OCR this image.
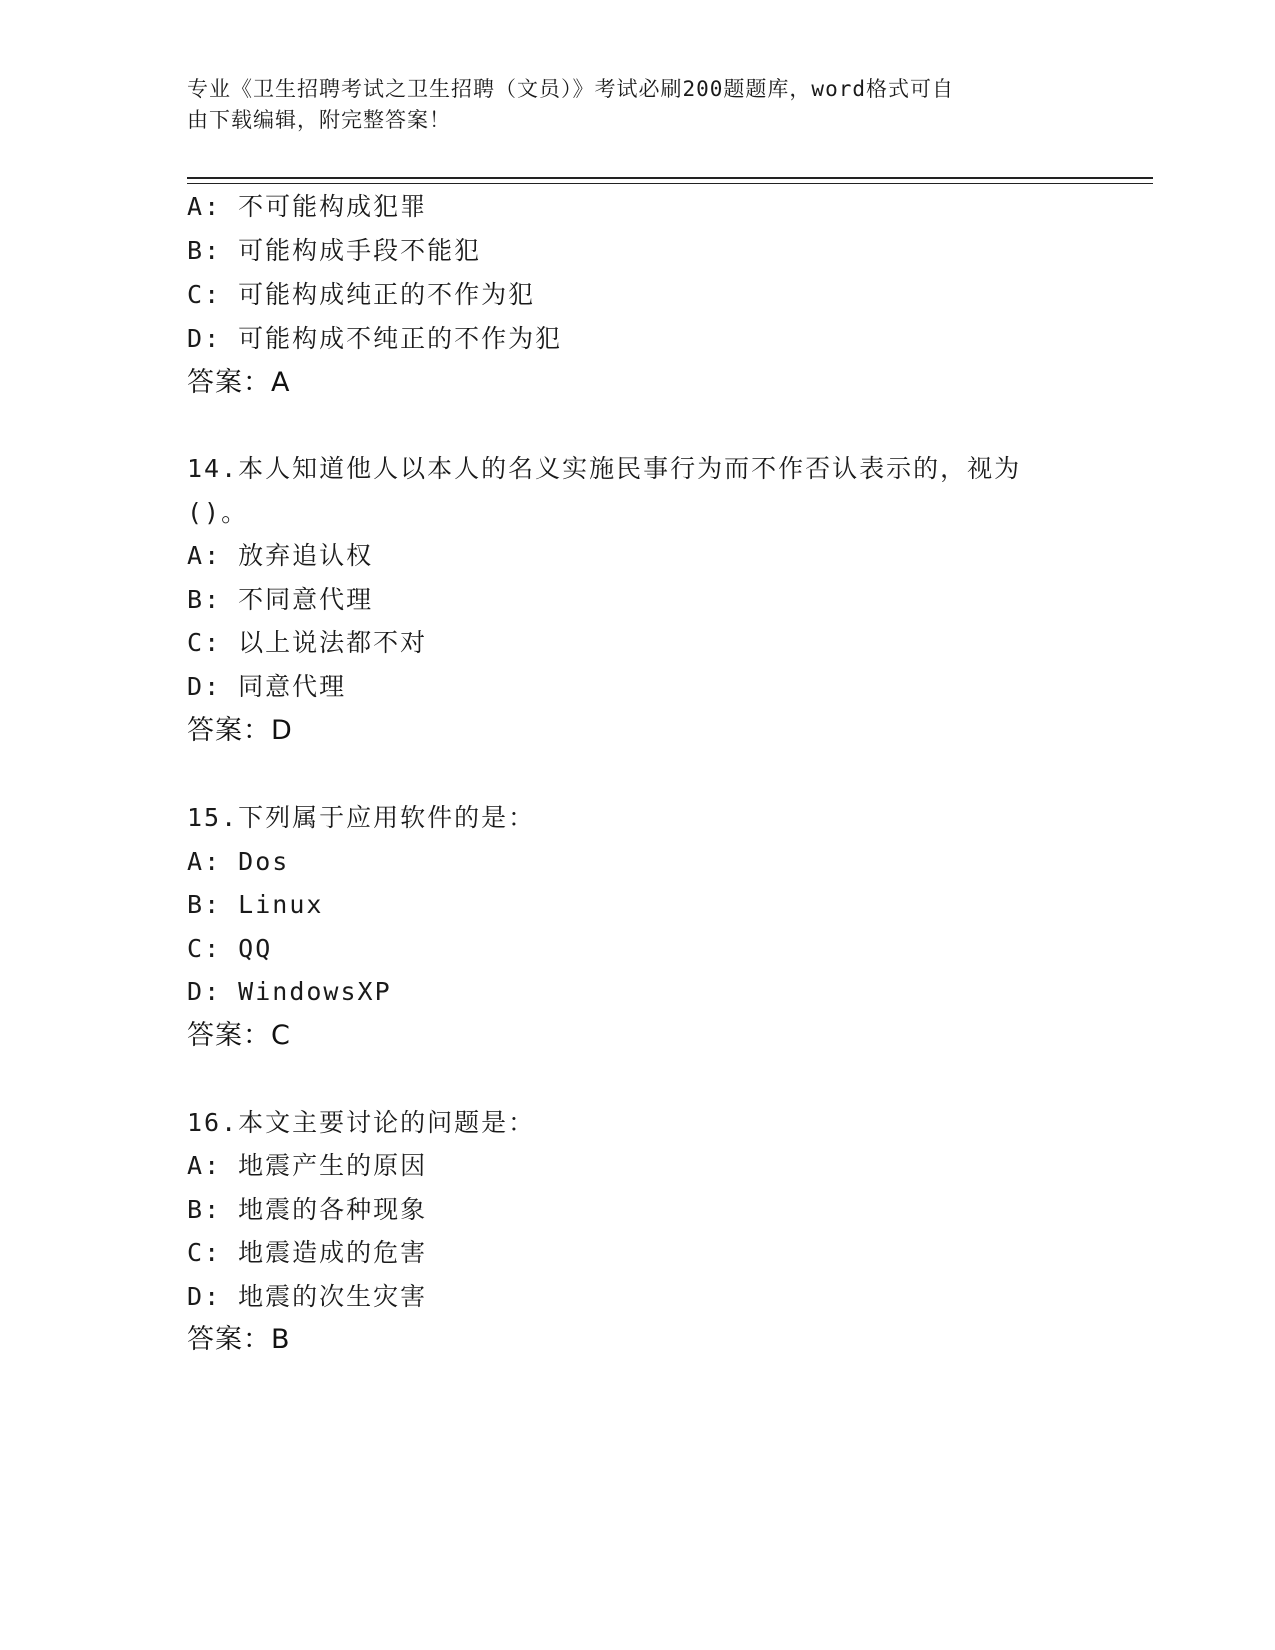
专业《卫生招聘考试之卫生招聘（文员）》考试必刷200题题库，word格式可自
由下载编辑，附完整答案！
A: 不可能构成犯罪
B: 可能构成手段不能犯
C: 可能构成纯正的不作为犯
D: 可能构成不纯正的不作为犯
答案：A
14.本人知道他人以本人的名义实施民事行为而不作否认表示的，视为
()。
A: 放弃追认权
B: 不同意代理
C: 以上说法都不对
D: 同意代理
答案：D
15.下列属于应用软件的是：
A: Dos
B: Linux
C: QQ
D: WindowsXP
答案：C
16.本文主要讨论的问题是：
A: 地震产生的原因
B: 地震的各种现象
C: 地震造成的危害
D: 地震的次生灾害
答案：B
